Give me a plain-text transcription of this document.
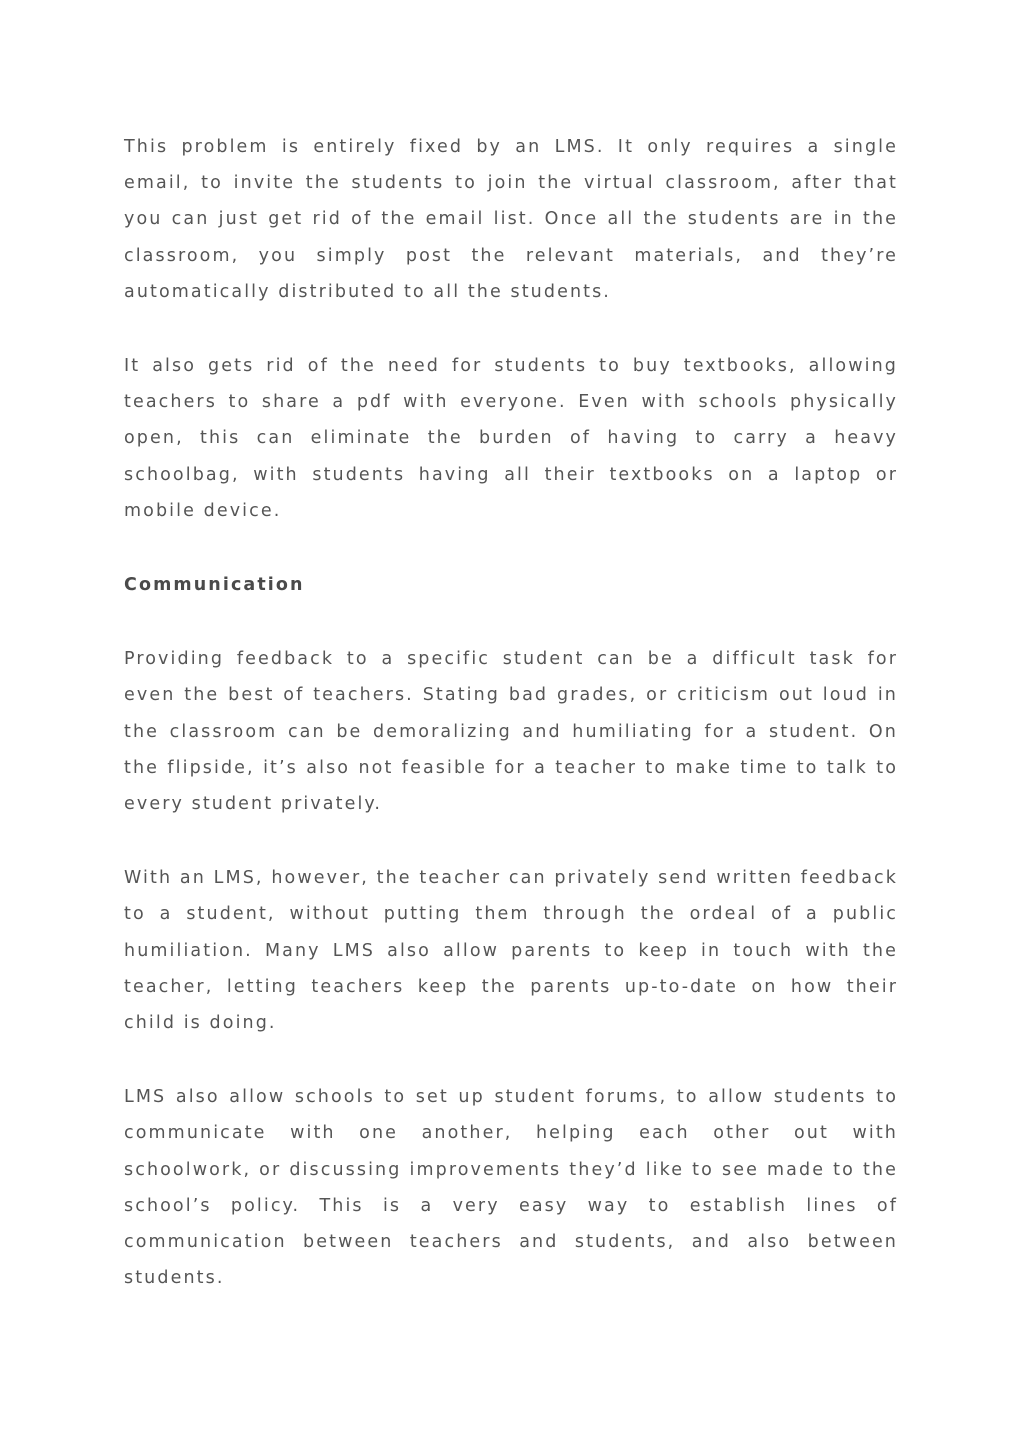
This problem is entirely fixed by an LMS. It only requires a single email, to invite the students to join the virtual classroom, after that you can just get rid of the email list. Once all the students are in the classroom, you simply post the relevant materials, and they’re automatically distributed to all the students.

It also gets rid of the need for students to buy textbooks, allowing teachers to share a pdf with everyone. Even with schools physically open, this can eliminate the burden of having to carry a heavy schoolbag, with students having all their textbooks on a laptop or mobile device.

Communication

Providing feedback to a specific student can be a difficult task for even the best of teachers. Stating bad grades, or criticism out loud in the classroom can be demoralizing and humiliating for a student. On the flipside, it’s also not feasible for a teacher to make time to talk to every student privately.

With an LMS, however, the teacher can privately send written feedback to a student, without putting them through the ordeal of a public humiliation. Many LMS also allow parents to keep in touch with the teacher, letting teachers keep the parents up-to-date on how their child is doing.

LMS also allow schools to set up student forums, to allow students to communicate with one another, helping each other out with schoolwork, or discussing improvements they’d like to see made to the school’s policy. This is a very easy way to establish lines of communication between teachers and students, and also between students.
